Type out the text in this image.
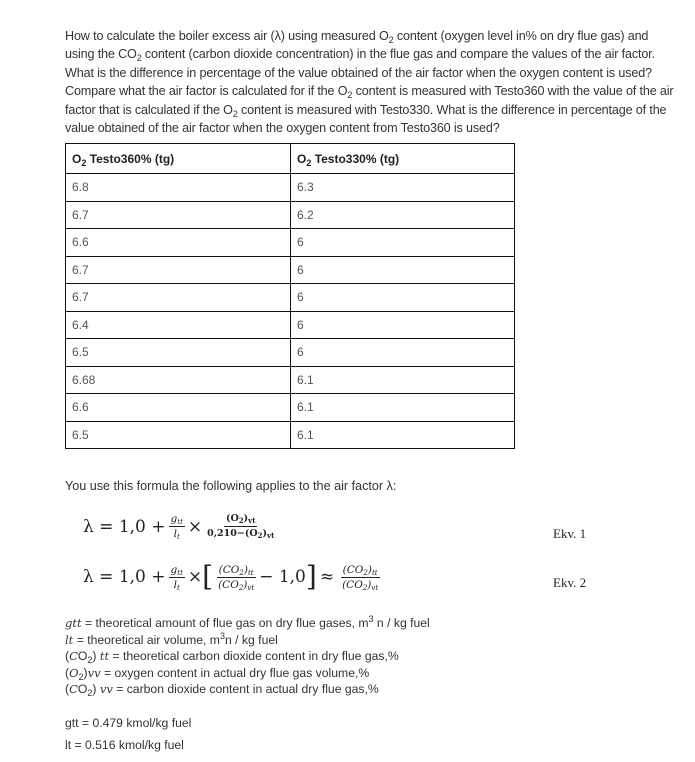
How to calculate the boiler excess air (λ) using measured $O_2$ content (oxygen level in% on dry flue gas) and using the $CO_2$ content (carbon dioxide concentration) in the flue gas and compare the values of the air factor. What is the difference in percentage of the value obtained of the air factor when the oxygen content is used? Compare what the air factor is calculated for if the $O_2$ content is measured with Testo360 with the value of the air factor that is calculated if the $O_2$ content is measured with Testo330. What is the difference in percentage of the value obtained of the air factor when the oxygen content from Testo360 is used?
$O_2$ Testo360% (tg)	$O_2$ Testo330% (tg)
6.8	6.3
6.7	6.2
6.6	6
6.7	6
6.7	6
6.4	6
6.5	6
6.68	6.1
6.6	6.1
6.5	6.1
You use this formula the following applies to the air factor λ:
$\lambda = 1,0 + \frac{g_{tt}}{l_t} \times \frac{(O_2)_{vt}}{0,210-(O_2)_{vt}}$	Ekv. 1
$\lambda = 1,0 + \frac{g_{tt}}{l_t}$ × [ $\frac{(CO_2)_{tt}}{(CO_2)_{vt}} - 1,0$ ] ≈ $\frac{(CO_2)_{tt}}{(CO_2)_{vt}}$	Ekv. 2
gtt = theoretical amount of flue gas on dry flue gases, $m^3$ n / kg fuel
lt = theoretical air volume, $m^3n$ / kg fuel
$(CO_2)$ tt = theoretical carbon dioxide content in dry flue gas,%
$(O_2)vv$ = oxygen content in actual dry flue gas volume,%
$(CO_2)$ vv = carbon dioxide content in actual dry flue gas,%
gtt = 0.479 kmol/kg fuel
lt = 0.516 kmol/kg fuel
